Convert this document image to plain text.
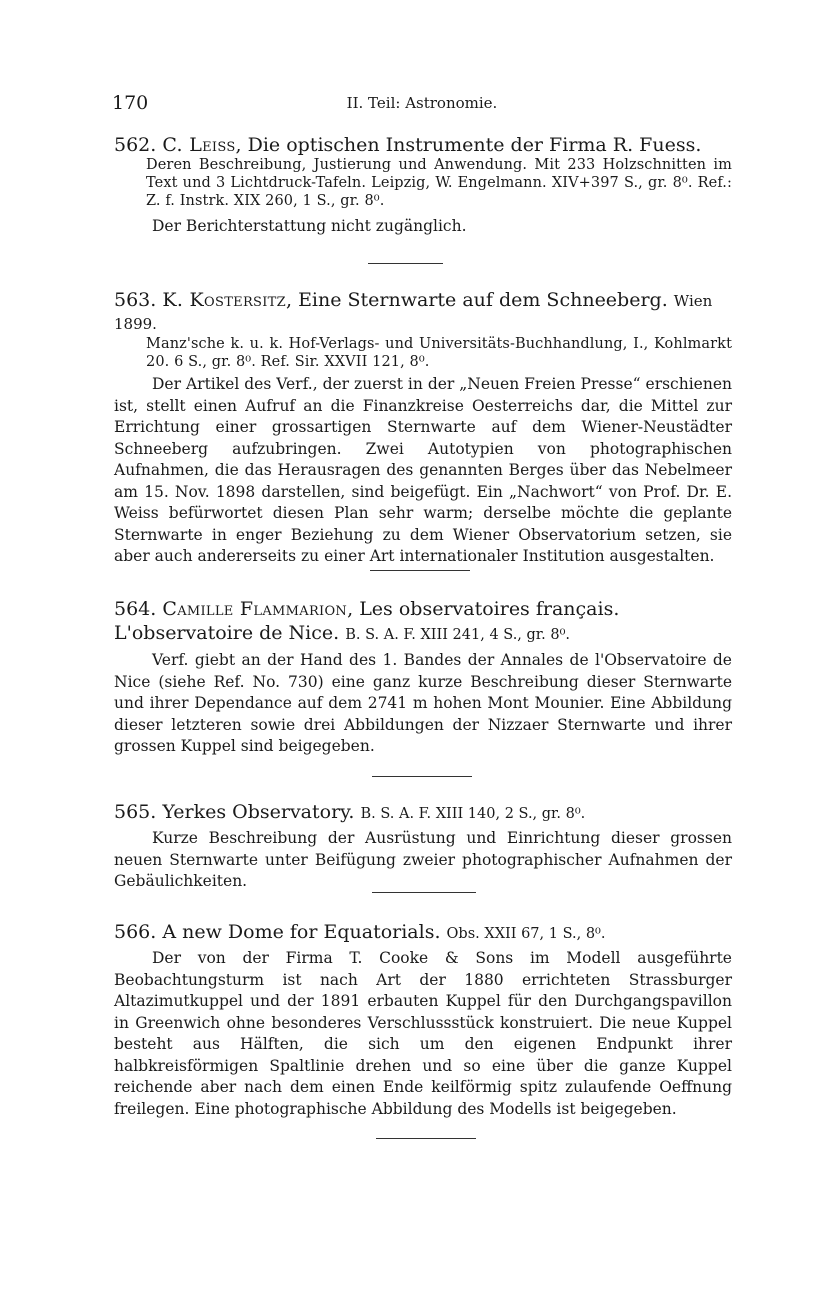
170	II. Teil: Astronomie.
562. C. Leiss, Die optischen Instrumente der Firma R. Fuess.
Deren Beschreibung, Justierung und Anwendung. Mit 233 Holzschnitten im Text und 3 Lichtdruck-Tafeln. Leipzig, W. Engelmann. XIV+397 S., gr. 8⁰. Ref.: Z. f. Instrk. XIX 260, 1 S., gr. 8⁰.
Der Berichterstattung nicht zugänglich.
563. K. Kostersitz, Eine Sternwarte auf dem Schneeberg. Wien 1899.
Manz'sche k. u. k. Hof-Verlags- und Universitäts-Buchhandlung, I., Kohlmarkt 20. 6 S., gr. 8⁰. Ref. Sir. XXVII 121, 8⁰.
Der Artikel des Verf., der zuerst in der „Neuen Freien Presse“ erschienen ist, stellt einen Aufruf an die Finanzkreise Oesterreichs dar, die Mittel zur Errichtung einer grossartigen Sternwarte auf dem Wiener-Neustädter Schneeberg aufzubringen. Zwei Autotypien von photographischen Aufnahmen, die das Herausragen des genannten Berges über das Nebelmeer am 15. Nov. 1898 darstellen, sind beigefügt. Ein „Nachwort“ von Prof. Dr. E. Weiss befürwortet diesen Plan sehr warm; derselbe möchte die geplante Sternwarte in enger Beziehung zu dem Wiener Observatorium setzen, sie aber auch andererseits zu einer Art internationaler Institution ausgestalten.
564. Camille Flammarion, Les observatoires français. L'observatoire de Nice. B. S. A. F. XIII 241, 4 S., gr. 8⁰.
Verf. giebt an der Hand des 1. Bandes der Annales de l'Observatoire de Nice (siehe Ref. No. 730) eine ganz kurze Beschreibung dieser Sternwarte und ihrer Dependance auf dem 2741 m hohen Mont Mounier. Eine Abbildung dieser letzteren sowie drei Abbildungen der Nizzaer Sternwarte und ihrer grossen Kuppel sind beigegeben.
565. Yerkes Observatory. B. S. A. F. XIII 140, 2 S., gr. 8⁰.
Kurze Beschreibung der Ausrüstung und Einrichtung dieser grossen neuen Sternwarte unter Beifügung zweier photographischer Aufnahmen der Gebäulichkeiten.
566. A new Dome for Equatorials. Obs. XXII 67, 1 S., 8⁰.
Der von der Firma T. Cooke & Sons im Modell ausgeführte Beobachtungsturm ist nach Art der 1880 errichteten Strassburger Altazimutkuppel und der 1891 erbauten Kuppel für den Durchgangspavillon in Greenwich ohne besonderes Verschlussstück konstruiert. Die neue Kuppel besteht aus Hälften, die sich um den eigenen Endpunkt ihrer halbkreisförmigen Spaltlinie drehen und so eine über die ganze Kuppel reichende aber nach dem einen Ende keilförmig spitz zulaufende Oeffnung freilegen. Eine photographische Abbildung des Modells ist beigegeben.
